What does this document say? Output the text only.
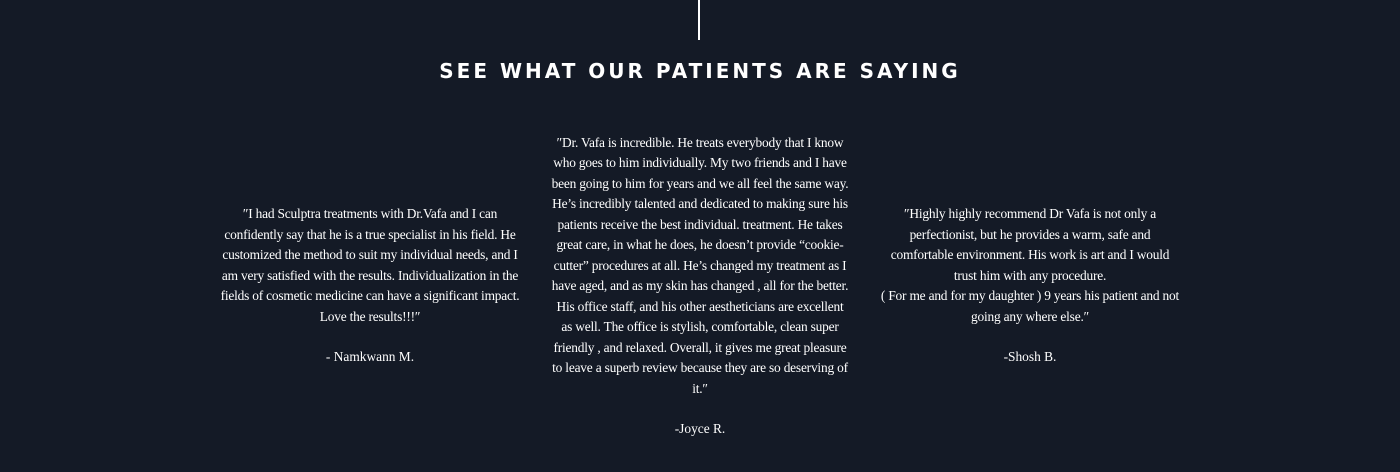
SEE WHAT OUR PATIENTS ARE SAYING

″I had Sculptra treatments with Dr.Vafa and I can confidently say that he is a true specialist in his field. He customized the method to suit my individual needs, and I am very satisfied with the results. Individualization in the fields of cosmetic medicine can have a significant impact. Love the results!!!″

- Namkwann M.

″Dr. Vafa is incredible. He treats everybody that I know who goes to him individually. My two friends and I have been going to him for years and we all feel the same way. He’s incredibly talented and dedicated to making sure his patients receive the best individual. treatment. He takes great care, in what he does, he doesn’t provide “cookie-cutter” procedures at all. He’s changed my treatment as I have aged, and as my skin has changed , all for the better. His office staff, and his other aestheticians are excellent as well. The office is stylish, comfortable, clean super friendly , and relaxed. Overall, it gives me great pleasure to leave a superb review because they are so deserving of it.″

-Joyce R.

″Highly highly recommend Dr Vafa is not only a perfectionist, but he provides a warm, safe and comfortable environment. His work is art and I would trust him with any procedure.
( For me and for my daughter ) 9 years his patient and not going any where else.″

-Shosh B.
